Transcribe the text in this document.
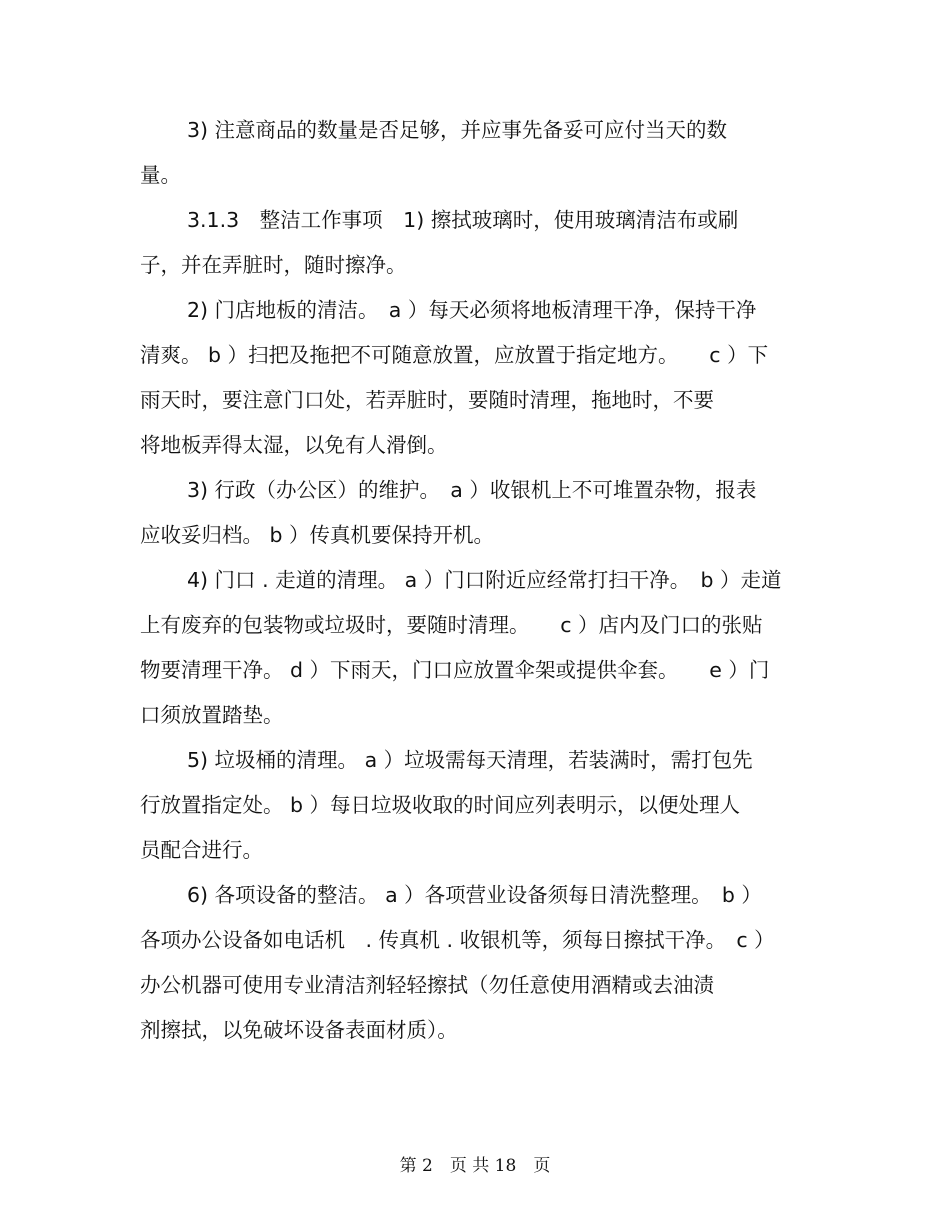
3) 注意商品的数量是否足够，并应事先备妥可应付当天的数
量。
3.1.3　整洁工作事项　1) 擦拭玻璃时，使用玻璃清洁布或刷
子，并在弄脏时，随时擦净。
2) 门店地板的清洁。　a ）每天必须将地板清理干净，保持干净
清爽。 b ）扫把及拖把不可随意放置，应放置于指定地方。　　c ）下
雨天时，要注意门口处，若弄脏时，要随时清理，拖地时，不要
将地板弄得太湿，以免有人滑倒。
3) 行政（办公区）的维护。　a ）收银机上不可堆置杂物，报表
应收妥归档。 b ）传真机要保持开机。
4) 门口 . 走道的清理。 a ）门口附近应经常打扫干净。　b ）走道
上有废弃的包装物或垃圾时，要随时清理。　　c ）店内及门口的张贴
物要清理干净。 d ）下雨天，门口应放置伞架或提供伞套。　　e ）门
口须放置踏垫。
5) 垃圾桶的清理。 a ）垃圾需每天清理，若装满时，需打包先
行放置指定处。 b ）每日垃圾收取的时间应列表明示，以便处理人
员配合进行。
6) 各项设备的整洁。 a ）各项营业设备须每日清洗整理。　b ）
各项办公设备如电话机　. 传真机 . 收银机等，须每日擦拭干净。　c ）
办公机器可使用专业清洁剂轻轻擦拭（勿任意使用酒精或去油渍
剂擦拭，以免破坏设备表面材质）。
第 2　页 共 18　页
